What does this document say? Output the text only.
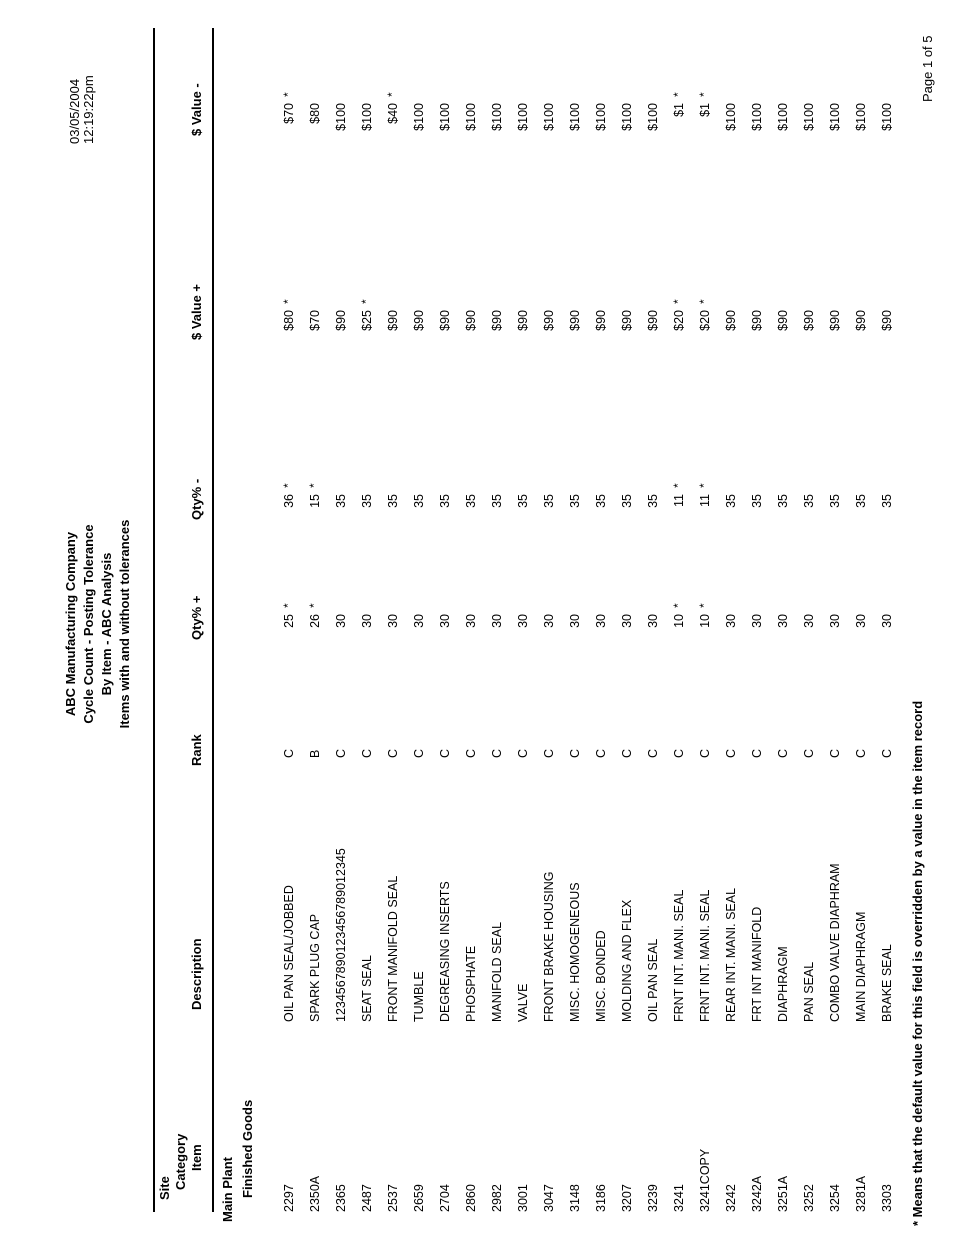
ABC Manufacturing Company Cycle Count - Posting Tolerance By Item - ABC Analysis Items with and without tolerances
03/05/2004 12:19:22pm
Site Category Item
Description
Rank
Qty% +
Qty% -
$ Value +
$ Value -
Main Plant Finished Goods
2297
OIL PAN SEAL/JOBBED
C
25
*
36
*
$80
*
$70
*
2350A
SPARK PLUG CAP
B
26
*
15
*
$70
$80
2365
123456789012345678901234​5
C
30
35
$90
$100
2487
SEAT SEAL
C
30
35
$25
*
$100
2537
FRONT MANIFOLD SEAL
C
30
35
$90
$40
*
2659
TUMBLE
C
30
35
$90
$100
2704
DEGREASING INSERTS
C
30
35
$90
$100
2860
PHOSPHATE
C
30
35
$90
$100
2982
MANIFOLD SEAL
C
30
35
$90
$100
3001
VALVE
C
30
35
$90
$100
3047
FRONT BRAKE HOUSING
C
30
35
$90
$100
3148
MISC. HOMOGENEOUS
C
30
35
$90
$100
3186
MISC. BONDED
C
30
35
$90
$100
3207
MOLDING AND FLEX
C
30
35
$90
$100
3239
OIL PAN SEAL
C
30
35
$90
$100
3241
FRNT INT. MANI. SEAL
C
10
*
11
*
$20
*
$1
*
3241COPY
FRNT INT. MANI. SEAL
C
10
*
11
*
$20
*
$1
*
3242
REAR INT. MANI. SEAL
C
30
35
$90
$100
3242A
FRT INT MANIFOLD
C
30
35
$90
$100
3251A
DIAPHRAGM
C
30
35
$90
$100
3252
PAN SEAL
C
30
35
$90
$100
3254
COMBO VALVE DIAPHRAM
C
30
35
$90
$100
3281A
MAIN DIAPHRAGM
C
30
35
$90
$100
3303
BRAKE SEAL
C
30
35
$90
$100
* Means that the default value for this field is overridden by a value in the item record
Page 1 of 5
